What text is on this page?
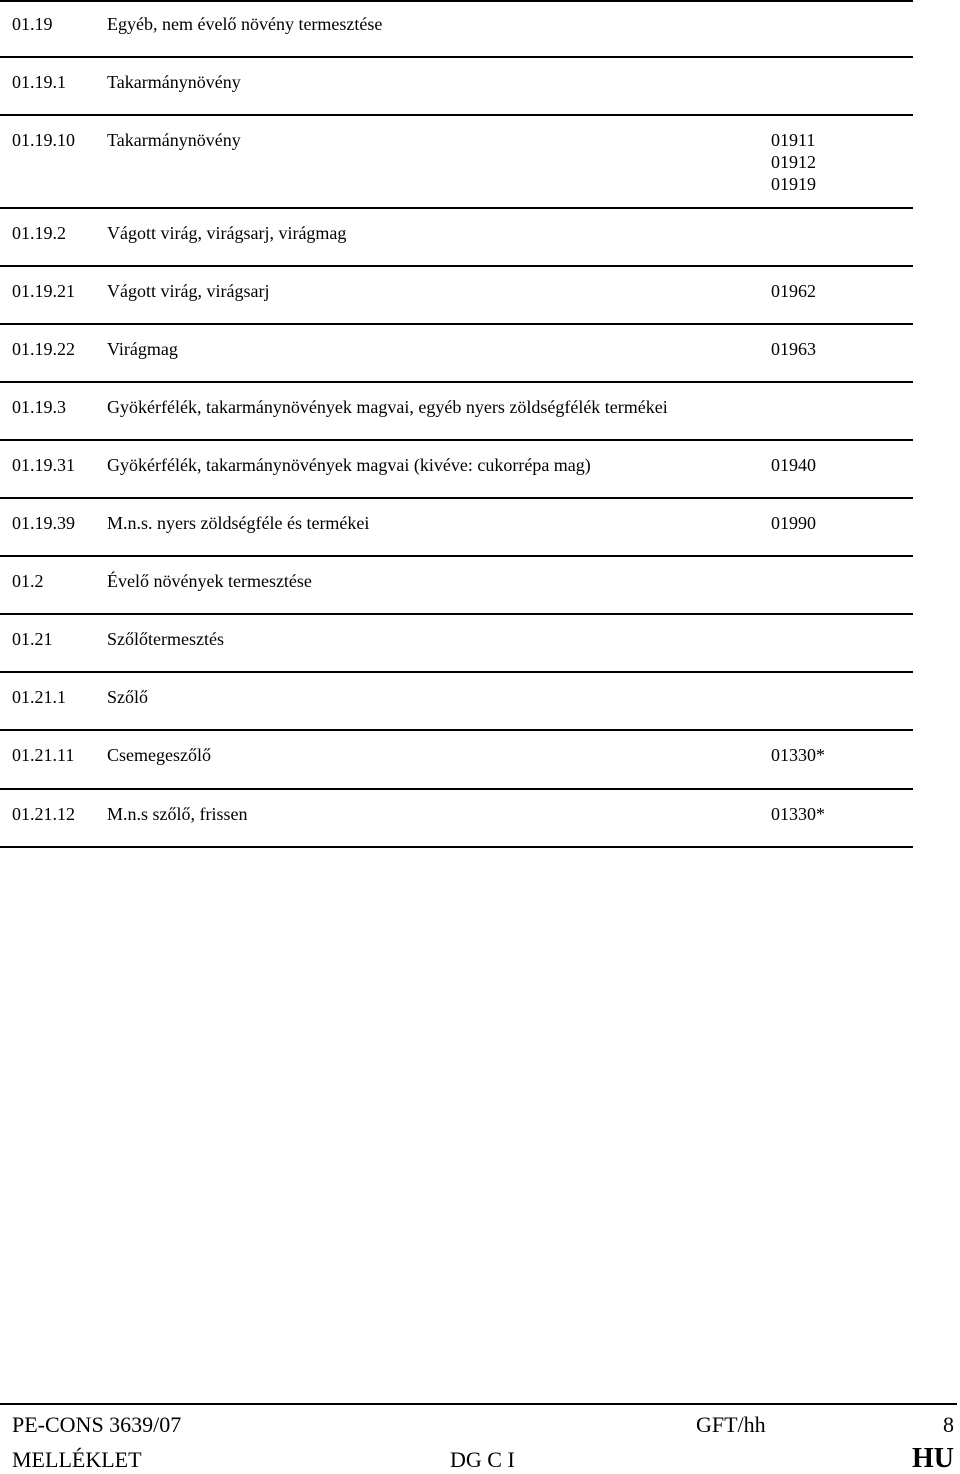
01.19	Egyéb, nem évelő növény termesztése
01.19.1 Takarmánynövény
01.19.10 Takarmánynövény	01911
01912
01919
01.19.2 Vágott virág, virágsarj, virágmag
01.19.21 Vágott virág, virágsarj	01962
01.19.22 Virágmag	01963
01.19.3 Gyökérfélék, takarmánynövények magvai, egyéb nyers zöldségfélék termékei
01.19.31 Gyökérfélék, takarmánynövények magvai (kivéve: cukorrépa mag)	01940
01.19.39 M.n.s. nyers zöldségféle és termékei	01990
01.2	Évelő növények termesztése
01.21	Szőlőtermesztés
01.21.1 Szőlő
01.21.11 Csemegeszőlő	01330*
01.21.12 M.n.s szőlő, frissen	01330*
PE-CONS 3639/07	GFT/hh	8
MELLÉKLET	DG C I	HU
